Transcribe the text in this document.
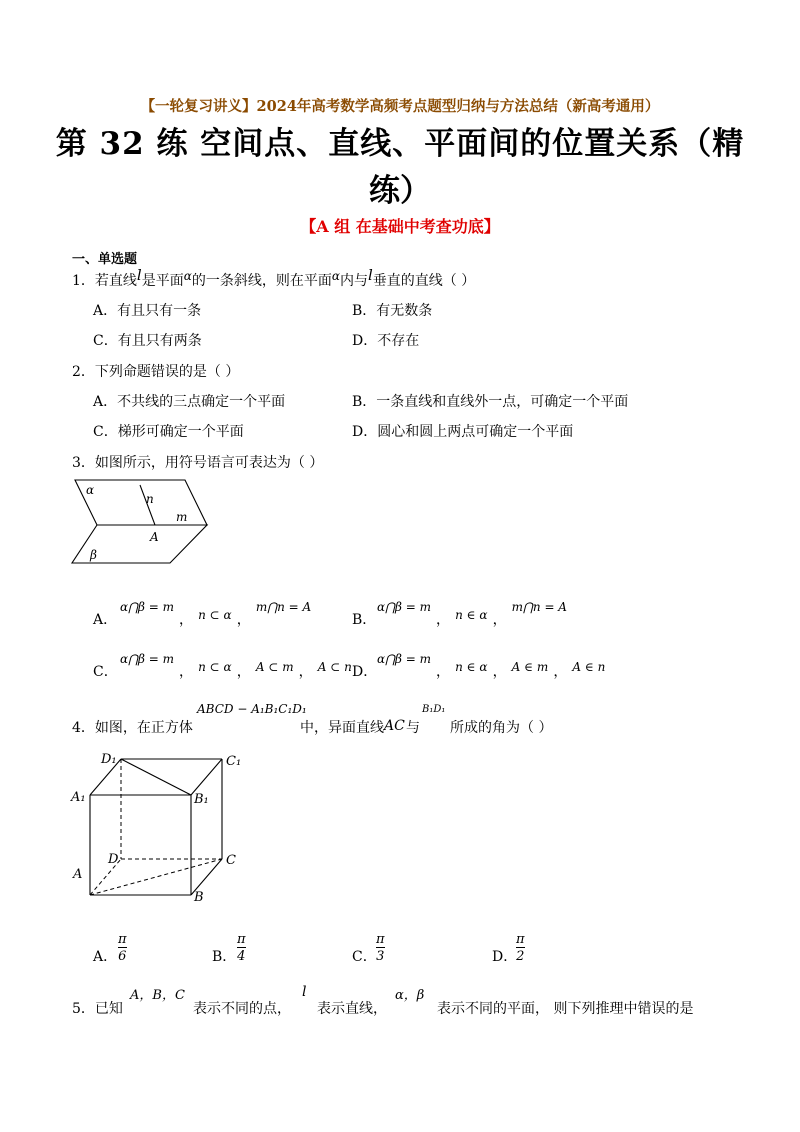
【一轮复习讲义】2024年高考数学高频考点题型归纳与方法总结（新高考通用）
第 32 练 空间点、直线、平面间的位置关系（精
练）
【A 组 在基础中考查功底】
一、单选题
1．若直线l是平面α的一条斜线，则在平面α内与l垂直的直线（ ）
A．有且只有一条	B．有无数条
C．有且只有两条	D．不存在
2．下列命题错误的是（ ）
A．不共线的三点确定一个平面	B．一条直线和直线外一点，可确定一个平面
C．梯形可确定一个平面	D．圆心和圆上两点可确定一个平面
3．如图所示，用符号语言可表达为（ ）
α
n
m
A
β
A．
α⋂β = m ， $_{n \subset \alpha}$ ， m⋂n = A
B．
α⋂β = m ， $_{n \in \alpha}$ ， m⋂n = A
C．
α⋂β = m ， $_{n \subset \alpha}$ ， $_{A \subset m}$ ， $_{A \subset n}$ D．
α⋂β = m ， $_{n \in \alpha}$ ， $_{A \in m}$ ， $_{A \in n}$
4．如图，在正方体
ABCD − A₁B₁C₁D₁
中，异面直线 AC 与
B₁D₁
所成的角为（ ）
D₁	C₁
A₁	B₁
D	C
A
B
A． $\frac{\pi}{6}$	B． $\frac{\pi}{4}$	C． $\frac{\pi}{3}$	D．
$\frac{\pi}{2}$
5．已知
A，B，C
表示不同的点，
l
表示直线，
α，β
表示不同的平面， 则下列推理中错误的是
